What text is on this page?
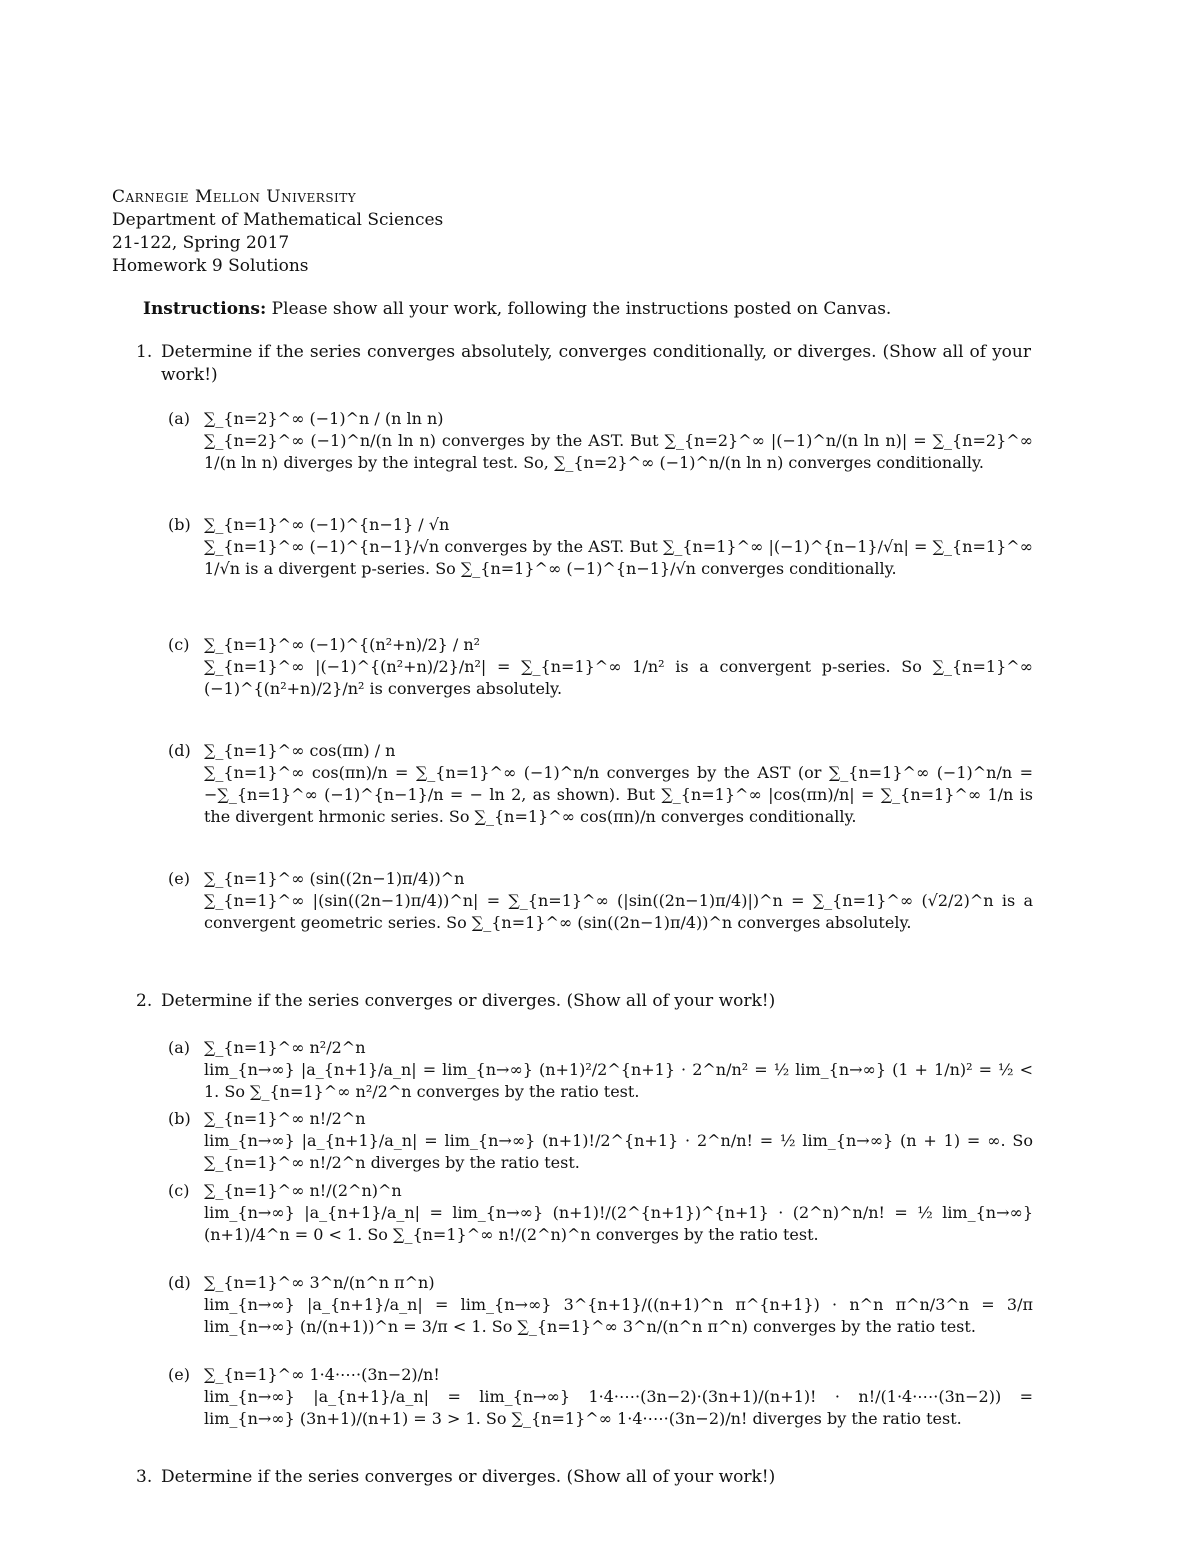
Carnegie Mellon University
Department of Mathematical Sciences
21-122, Spring 2017
Homework 9 Solutions
Instructions: Please show all your work, following the instructions posted on Canvas.
1. Determine if the series converges absolutely, converges conditionally, or diverges. (Show all of your work!)
(a) ∑_{n=2}^∞ (−1)^n / (n ln n)
∑_{n=2}^∞ (−1)^n/(n ln n) converges by the AST. But ∑_{n=2}^∞ |(−1)^n/(n ln n)| = ∑_{n=2}^∞ 1/(n ln n) diverges by the integral test. So, ∑_{n=2}^∞ (−1)^n/(n ln n) converges conditionally.
(b) ∑_{n=1}^∞ (−1)^{n−1} / √n
∑_{n=1}^∞ (−1)^{n−1}/√n converges by the AST. But ∑_{n=1}^∞ |(−1)^{n−1}/√n| = ∑_{n=1}^∞ 1/√n is a divergent p-series. So ∑_{n=1}^∞ (−1)^{n−1}/√n converges conditionally.
(c) ∑_{n=1}^∞ (−1)^{(n²+n)/2} / n²
∑_{n=1}^∞ |(−1)^{(n²+n)/2}/n²| = ∑_{n=1}^∞ 1/n² is a convergent p-series. So ∑_{n=1}^∞ (−1)^{(n²+n)/2}/n² is converges absolutely.
(d) ∑_{n=1}^∞ cos(πn) / n
∑_{n=1}^∞ cos(πn)/n = ∑_{n=1}^∞ (−1)^n/n converges by the AST (or ∑_{n=1}^∞ (−1)^n/n = −∑_{n=1}^∞ (−1)^{n−1}/n = − ln 2, as shown). But ∑_{n=1}^∞ |cos(πn)/n| = ∑_{n=1}^∞ 1/n is the divergent hrmonic series. So ∑_{n=1}^∞ cos(πn)/n converges conditionally.
(e) ∑_{n=1}^∞ (sin((2n−1)π/4))^n
∑_{n=1}^∞ |(sin((2n−1)π/4))^n| = ∑_{n=1}^∞ (|sin((2n−1)π/4)|)^n = ∑_{n=1}^∞ (√2/2)^n is a convergent geometric series. So ∑_{n=1}^∞ (sin((2n−1)π/4))^n converges absolutely.
2. Determine if the series converges or diverges. (Show all of your work!)
(a) ∑_{n=1}^∞ n²/2^n
lim_{n→∞} |a_{n+1}/a_n| = lim_{n→∞} (n+1)²/2^{n+1} · 2^n/n² = ½ lim_{n→∞} (1 + 1/n)² = ½ < 1. So ∑_{n=1}^∞ n²/2^n converges by the ratio test.
(b) ∑_{n=1}^∞ n!/2^n
lim_{n→∞} |a_{n+1}/a_n| = lim_{n→∞} (n+1)!/2^{n+1} · 2^n/n! = ½ lim_{n→∞} (n + 1) = ∞. So ∑_{n=1}^∞ n!/2^n diverges by the ratio test.
(c) ∑_{n=1}^∞ n!/(2^n)^n
lim_{n→∞} |a_{n+1}/a_n| = lim_{n→∞} (n+1)!/(2^{n+1})^{n+1} · (2^n)^n/n! = ½ lim_{n→∞} (n+1)/4^n = 0 < 1. So ∑_{n=1}^∞ n!/(2^n)^n converges by the ratio test.
(d) ∑_{n=1}^∞ 3^n/(n^n π^n)
lim_{n→∞} |a_{n+1}/a_n| = lim_{n→∞} 3^{n+1}/((n+1)^n π^{n+1}) · n^n π^n/3^n = 3/π lim_{n→∞} (n/(n+1))^n = 3/π < 1. So ∑_{n=1}^∞ 3^n/(n^n π^n) converges by the ratio test.
(e) ∑_{n=1}^∞ 1·4·⋯·(3n−2)/n!
lim_{n→∞} |a_{n+1}/a_n| = lim_{n→∞} 1·4·⋯·(3n−2)·(3n+1)/(n+1)! · n!/(1·4·⋯·(3n−2)) = lim_{n→∞} (3n+1)/(n+1) = 3 > 1. So ∑_{n=1}^∞ 1·4·⋯·(3n−2)/n! diverges by the ratio test.
3. Determine if the series converges or diverges. (Show all of your work!)
